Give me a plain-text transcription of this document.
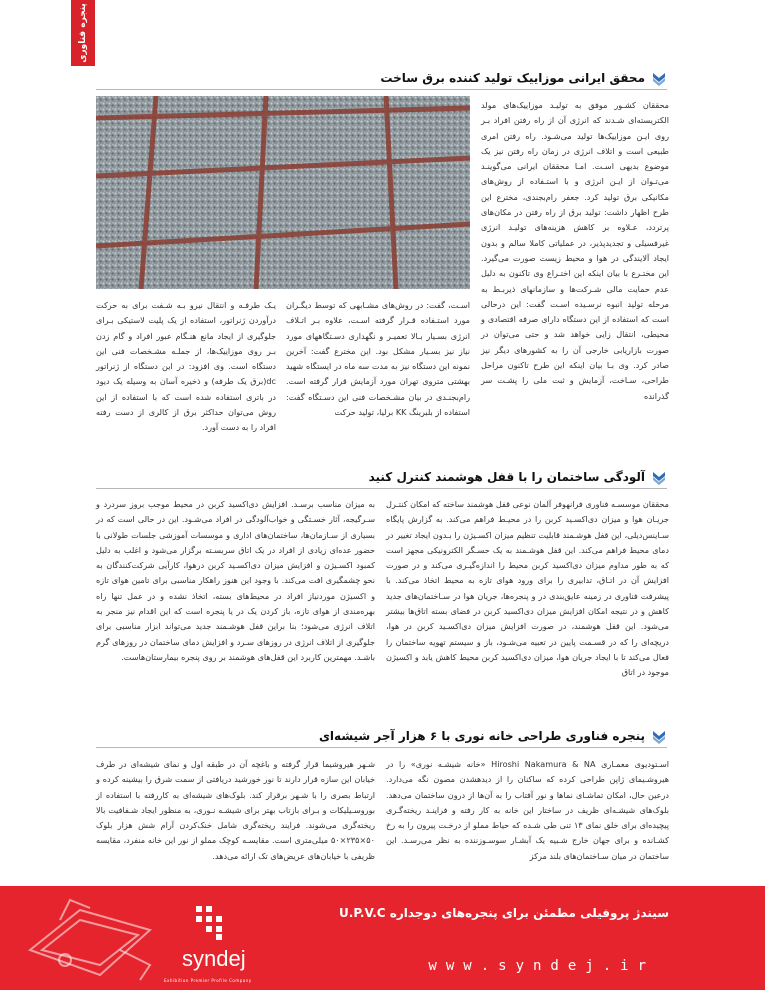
پنجره فناوری
محقق ایرانی موزاییک تولید کننده برق ساخت

محققان کشـور موفق به تولیـد موزاییک‌های مولد الکتریسته‌ای شـدند که انرژی آن از راه رفتن افراد بـر روی ایـن موزاییک‌ها تولید می‌شـود. راه رفتن امری طبیعی است و اتلاف انرژی در زمان راه رفتن نیز یک موضوع بدیهی اسـت. امـا محققان ایرانی می‌گوینـد می‌تـوان از ایـن انرژی و با استـفاده از روش‌های مکانیکی برق تولید کرد. جعفر رام‌بجندی، مخترع این طرح اظهار داشت: تولید برق از راه رفتن در مکان‌های پرتردد، عـلاوه بر کاهش هزینه‌های تولیـد انرژی غیرفسیلی و تجدیدپذیر، در عملیاتی کاملا سالم و بدون ایجاد آلایندگی در هوا و محیط زیست صورت می‌گیرد. این مختـرع با بیان اینکه این اختـراع وی تاکنون به دلیل عدم حمایت مالی شـرکت‌ها و سازمانهای ذیربـط به مرحله تولید انبوه نرسـیده اسـت گفت: این درحالی است که استفاده از این دستگاه دارای صرفه اقتصادی و محیطی، انتقال زایی خواهد شد و حتی می‌توان در صورت بازاریابی خارجی آن را به کشورهای دیگر نیز صادر کرد. وی بـا بیان اینکه این طرح تاکنون مراحل طراحی، سـاخت، آزمایش و ثبت ملی را پشـت سر گذرانده

اسـت، گفت: در روش‌های مشـابهی که توسط دیگـران مورد استـفاده قـرار گرفته اسـت، علاوه بـر اتـلاف انرژی بسـیار بـالا تعمیـر و نگهداری دسـتگاههای مورد نیاز نیز بسـیار مشکل بود. این مخترع گفت: آخرین نمونه این دستگاه نیز به مدت سه ماه در ایستگاه شهید بهشتی متروی تهران مورد آزمایش قرار گرفته است. رام‌بجنـدی در بیان مشـخصات فنی این دسـتگاه گفت: استفاده از بلبرینگ KK برلیا، تولید حرکت

یـک طرفـه و انتقال نیرو بـه شـفت برای به حرکت درآوردن ژنراتور، استفاده از یک پلیت لاستیکی بـرای جلوگیری از ایجاد مانع هنـگام عبور افراد و گام زدن بـر روی موزاییک‌ها، از جملـه مشـخصات فنی این دستگاه است. وی افزود: در این دستگاه از ژنراتور dc(برق یک طرفه) و ذخیره آسان به وسیله یک دیود در باتری استفاده شده است که با استفاده از این روش می‌توان حداکثر برق از کالری از دست رفته افراد را به دست آورد.

آلودگی ساختمان را با قفل هوشمند کنترل کنید

محققان موسسـه فناوری فرانهوفر آلمان نوعی قفل هوشمند ساخته که امکان کنتـرل جریـان هوا و میزان دی‌اکسـید کربن را در محیـط فراهم می‌کند. به گزارش پایگاه سـاینس‌دیلی، این قفل هوشـمند قابلیت تنظیم میزان اکسـیژن را بـدون ایجاد تغییر در دمای محیط فراهم می‌کند. این قفل هوشـمند به یک حسـگر الکترونیکی مجهز است که به طور مداوم میزان دی‌اکسید کربن محیط را اندازه‌گیـری می‌کند و در صورت افزایش آن در اتـاق، تدابیری را برای ورود هوای تازه به محیط اتخاذ می‌کند. با پیشرفت فناوری در زمینه عایق‌بندی در و پنجره‌ها، جریان هوا در سـاختمان‌های جدید کاهش و در نتیجه امکان افزایش میزان دی‌اکسید کربن در فضای بسته اتاق‌ها بیشتر می‌شود. این قفل هوشمند، در صورت افزایش میزان دی‌اکسـید کربن در هوا، دریچه‌ای را که در قسـمت پایین در تعبیه می‌شـود، باز و سیستم تهویه ساختمان را فعال می‌کند تا با ایجاد جریان هوا، میزان دی‌اکسید کربن محیط کاهش یابد و اکسیژن موجود در اتاق

به میزان مناسب برسـد. افزایش دی‌اکسید کربن در محیط موجب بروز سردرد و سـرگیجه، آثار خسـتگی و خواب‌آلودگی در افراد می‌شـود. این در حالی است که در بسیاری از سـازمان‌ها، ساختمان‌های اداری و موسسات آموزشی جلسات طولانی با حضور عده‌ای زیادی از افراد در یک اتاق سربسـته برگزار می‌شود و اغلب به دلیل کمبود اکسـیژن و افزایش میزان دی‌اکسـید کربن درهوا، کارآیی شرکت‌کنندگان به نحو چشمگیری افت می‌کند. با وجود این هنوز راهکار مناسبی برای تامین هوای تازه و اکسیژن موردنیاز افراد در محیط‌های بسته، اتخاذ نشده و در عمل تنها راه بهره‌مندی از هوای تازه، باز کردن یک در یا پنجره است که این اقدام نیز منجر به اتلاف انرژی می‌شود؛ بنا براین قفل هوشـمند جدید می‌تواند ابزار مناسبی برای جلوگیری از اتلاف انرژی در روزهای سـرد و افزایش دمای ساختمان در روزهای گرم باشـد. مهمترین کاربرد این قفل‌های هوشمند بر روی پنجره بیمارستان‌هاست.

پنجره فناوری طراحی خانه نوری با ۶ هزار آجر شیشه‌ای

اسـتودیوی معمـاری Hiroshi Nakamura & NA «خانه شیشـه نوری» را در هیروشـیمای ژاپن طراحی کرده که ساکنان را از دیدهشدن مصون نگه می‌دارد. درعین حال، امکان تماشـای نماها و نور آفتاب را به آن‌ها از درون ساختمان می‌دهد. بلوک‌های شیشـه‌ای ظریف در ساختار این خانه به کار رفته و فراینـد ریخته‌گـری پیچیده‌ای برای خلق نمای ۱۳ تنی طی شـده که حیاط مملو از درخـت پیرون را به رخ کشـانده و برای جهان خارج شـبیه یک آبشـار سوسـوزننده به نظر می‌رسـد. این ساختمان در میان سـاختمان‌های بلند مرکز

شـهر هیروشیما قرار گرفته و باغچه آن در طبقه اول و نمای شیشه‌ای در طرف خیابان این سازه قرار دارند تا نور خورشید دریافتی از سمت شرق را بیشینه کرده و ارتباط بصری را با شـهر برقرار کند. بلوک‌های شیشه‌ای به کاررفته با استفاده از بوروسـیلیکات و بـرای بازتاب بهتر برای شیشـه نـوری، به منظور ایجاد شـفافیت بالا ریخته‌گری می‌شوند. فرایند ریخته‌گری شامل خنک‌کردن آرام شش هزار بلوک ۵۰×۲۳۵×۵۰ میلی‌متری است. مقایسـه کوچک مملو از نور این خانه منفرد، مقایسه ظریفی با خیابان‌های عریض‌های تک ارائه می‌دهد.

syndej
Exhibition Premier Profile Company
سیندژ پروفیلی مطمئن برای پنجره‌های دوجداره U.P.V.C
www.syndej.ir
